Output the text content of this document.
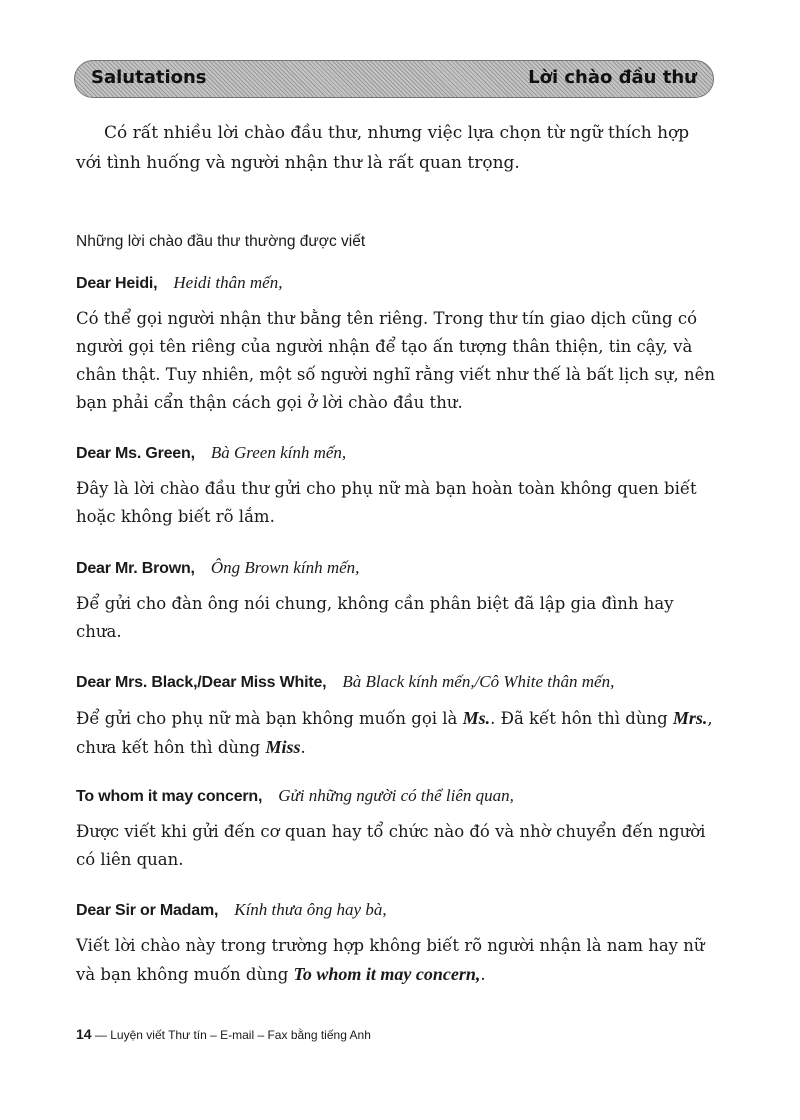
Salutations	Lời chào đầu thư

Có rất nhiều lời chào đầu thư, nhưng việc lựa chọn từ ngữ thích hợp với tình huống và người nhận thư là rất quan trọng.

Những lời chào đầu thư thường được viết

Dear Heidi, Heidi thân mến,

Có thể gọi người nhận thư bằng tên riêng. Trong thư tín giao dịch cũng có người gọi tên riêng của người nhận để tạo ấn tượng thân thiện, tin cậy, và chân thật. Tuy nhiên, một số người nghĩ rằng viết như thế là bất lịch sự, nên bạn phải cẩn thận cách gọi ở lời chào đầu thư.

Dear Ms. Green, Bà Green kính mến,

Đây là lời chào đầu thư gửi cho phụ nữ mà bạn hoàn toàn không quen biết hoặc không biết rõ lắm.

Dear Mr. Brown, Ông Brown kính mến,

Để gửi cho đàn ông nói chung, không cần phân biệt đã lập gia đình hay chưa.

Dear Mrs. Black,/Dear Miss White, Bà Black kính mến,/Cô White thân mến,

Để gửi cho phụ nữ mà bạn không muốn gọi là Ms.. Đã kết hôn thì dùng Mrs., chưa kết hôn thì dùng Miss.

To whom it may concern, Gửi những người có thể liên quan,

Được viết khi gửi đến cơ quan hay tổ chức nào đó và nhờ chuyển đến người có liên quan.

Dear Sir or Madam, Kính thưa ông hay bà,

Viết lời chào này trong trường hợp không biết rõ người nhận là nam hay nữ và bạn không muốn dùng To whom it may concern,.

14 — Luyện viết Thư tín – E-mail – Fax bằng tiếng Anh
